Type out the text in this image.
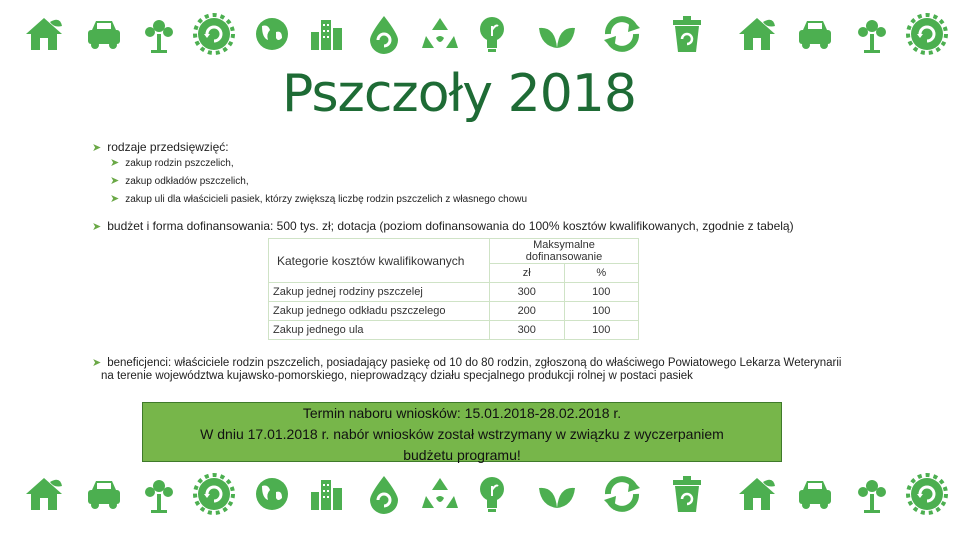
Pszczoły 2018
➤ rodzaje przedsięwzięć:
➤ zakup rodzin pszczelich,
➤ zakup odkładów pszczelich,
➤ zakup uli dla właścicieli pasiek, którzy zwiększą liczbę rodzin pszczelich z własnego chowu
➤ budżet i forma dofinansowania: 500 tys. zł; dotacja (poziom dofinansowania do 100% kosztów kwalifikowanych, zgodnie z tabelą)
Kategorie kosztów kwalifikowanych	Maksymalne dofinansowanie	
	zł	%
Zakup jednej rodziny pszczelej	300	100
Zakup jednego odkładu pszczelego	200	100
Zakup jednego ula	300	100
➤ beneficjenci: właściciele rodzin pszczelich, posiadający pasiekę od 10 do 80 rodzin, zgłoszoną do właściwego Powiatowego Lekarza Weterynarii
na terenie województwa kujawsko-pomorskiego, nieprowadzący działu specjalnego produkcji rolnej w postaci pasiek
Termin naboru wniosków: 15.01.2018-28.02.2018 r.
W dniu 17.01.2018 r. nabór wniosków został wstrzymany w związku z wyczerpaniem
budżetu programu!
